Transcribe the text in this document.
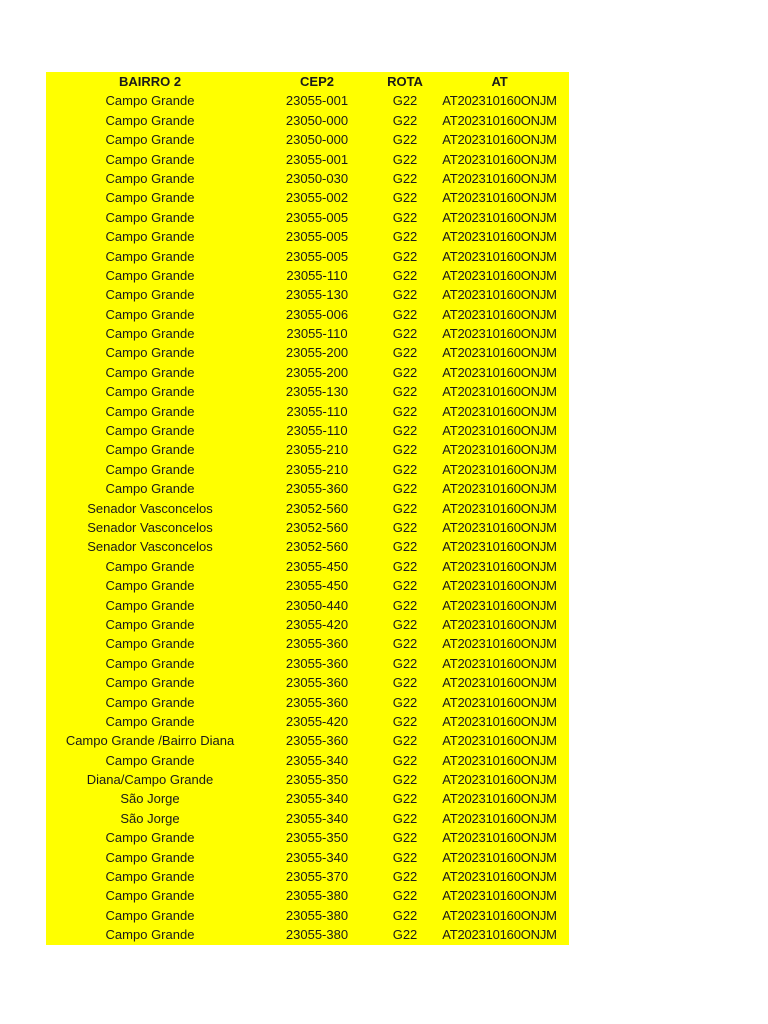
BAIRRO 2	CEP2	ROTA	AT
Campo Grande	23055-001	G22	AT202310160ONJM
Campo Grande	23050-000	G22	AT202310160ONJM
Campo Grande	23050-000	G22	AT202310160ONJM
Campo Grande	23055-001	G22	AT202310160ONJM
Campo Grande	23050-030	G22	AT202310160ONJM
Campo Grande	23055-002	G22	AT202310160ONJM
Campo Grande	23055-005	G22	AT202310160ONJM
Campo Grande	23055-005	G22	AT202310160ONJM
Campo Grande	23055-005	G22	AT202310160ONJM
Campo Grande	23055-110	G22	AT202310160ONJM
Campo Grande	23055-130	G22	AT202310160ONJM
Campo Grande	23055-006	G22	AT202310160ONJM
Campo Grande	23055-110	G22	AT202310160ONJM
Campo Grande	23055-200	G22	AT202310160ONJM
Campo Grande	23055-200	G22	AT202310160ONJM
Campo Grande	23055-130	G22	AT202310160ONJM
Campo Grande	23055-110	G22	AT202310160ONJM
Campo Grande	23055-110	G22	AT202310160ONJM
Campo Grande	23055-210	G22	AT202310160ONJM
Campo Grande	23055-210	G22	AT202310160ONJM
Campo Grande	23055-360	G22	AT202310160ONJM
Senador Vasconcelos	23052-560	G22	AT202310160ONJM
Senador Vasconcelos	23052-560	G22	AT202310160ONJM
Senador Vasconcelos	23052-560	G22	AT202310160ONJM
Campo Grande	23055-450	G22	AT202310160ONJM
Campo Grande	23055-450	G22	AT202310160ONJM
Campo Grande	23050-440	G22	AT202310160ONJM
Campo Grande	23055-420	G22	AT202310160ONJM
Campo Grande	23055-360	G22	AT202310160ONJM
Campo Grande	23055-360	G22	AT202310160ONJM
Campo Grande	23055-360	G22	AT202310160ONJM
Campo Grande	23055-360	G22	AT202310160ONJM
Campo Grande	23055-420	G22	AT202310160ONJM
Campo Grande /Bairro Diana	23055-360	G22	AT202310160ONJM
Campo Grande	23055-340	G22	AT202310160ONJM
Diana/Campo Grande	23055-350	G22	AT202310160ONJM
São Jorge	23055-340	G22	AT202310160ONJM
São Jorge	23055-340	G22	AT202310160ONJM
Campo Grande	23055-350	G22	AT202310160ONJM
Campo Grande	23055-340	G22	AT202310160ONJM
Campo Grande	23055-370	G22	AT202310160ONJM
Campo Grande	23055-380	G22	AT202310160ONJM
Campo Grande	23055-380	G22	AT202310160ONJM
Campo Grande	23055-380	G22	AT202310160ONJM
